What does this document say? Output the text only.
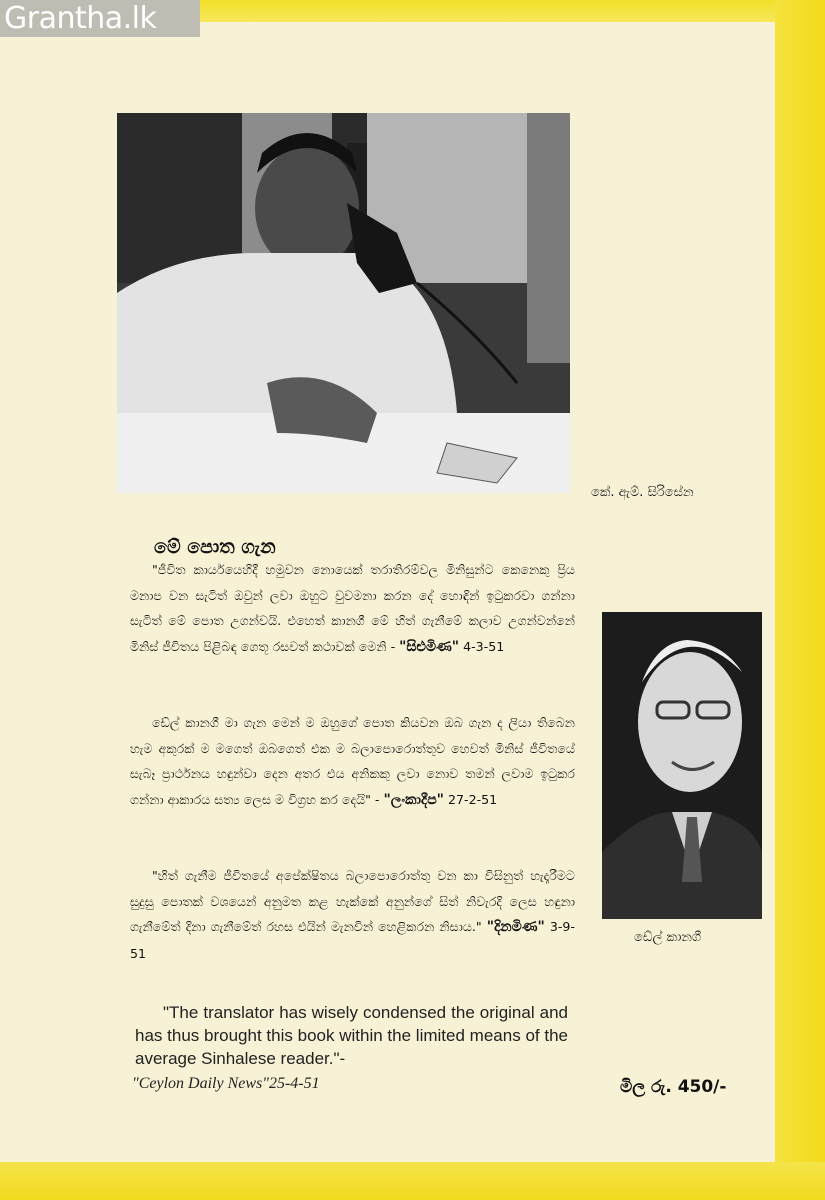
Grantha.lk
කේ. ඇම්. සිරිසේන
ඩේල් කානගී
මේ පොත ගැන
"ජීවිත කාර්යයෙහිදී හමුවන නොයෙක් තරාතිරම්වල මිනිසුන්ට කෙනෙකු ප්‍රිය මනාප වන සැටිත් ඔවුන් ලවා ඔහුට වුවමනා කරන දේ හොඳින් ඉටුකරවා ගන්නා සැටිත් මේ පොත උගන්වයි. එහෙත් කානගී මේ හිත් ගැනීමේ කලාව උගන්වන්නේ මිනිස් ජීවිතය පිළිබඳ ගෙතූ රසවත් කථාවක් මෙනි - "සිළුමිණ" 4-3-51
ඩේල් කානගී මා ගැන මෙන් ම ඔහුගේ පොත කියවන ඔබ ගැන ද ලියා තිබෙන හැම අකුරක් ම මගෙත් ඔබගෙත් එක ම බලාපොරොත්තුව හෙවත් මිනිස් ජීවිතයේ සැබෑ ප්‍රාර්ථනය හඳුන්වා දෙන අතර එය අනිකකු ලවා නොව තමන් ලවාම ඉටුකර ගන්නා ආකාරය සත්‍ය ලෙස ම විග්‍රහ කර දෙයි" - "ලංකාදීප" 27-2-51
"හිත් ගැනීම ජීවිතයේ අපේක්ෂිතය බලාපොරොත්තු වන කා විසිනුත් හැදෑරීමට සුදුසු පොතක් වශයෙන් අනුමත කළ හැක්කේ අනුන්ගේ සිත් නිවැරදි ලෙස හඳුනා ගැනීමේත් දිනා ගැනීමේත් රහස එයින් මැනවින් හෙළිකරන නිසාය." "දිනමිණ" 3-9-51
"The translator has wisely condensed the original and has thus brought this book within the limited means of the average Sinhalese reader."-
"Ceylon Daily News"25-4-51	මිල රු. 450/-
